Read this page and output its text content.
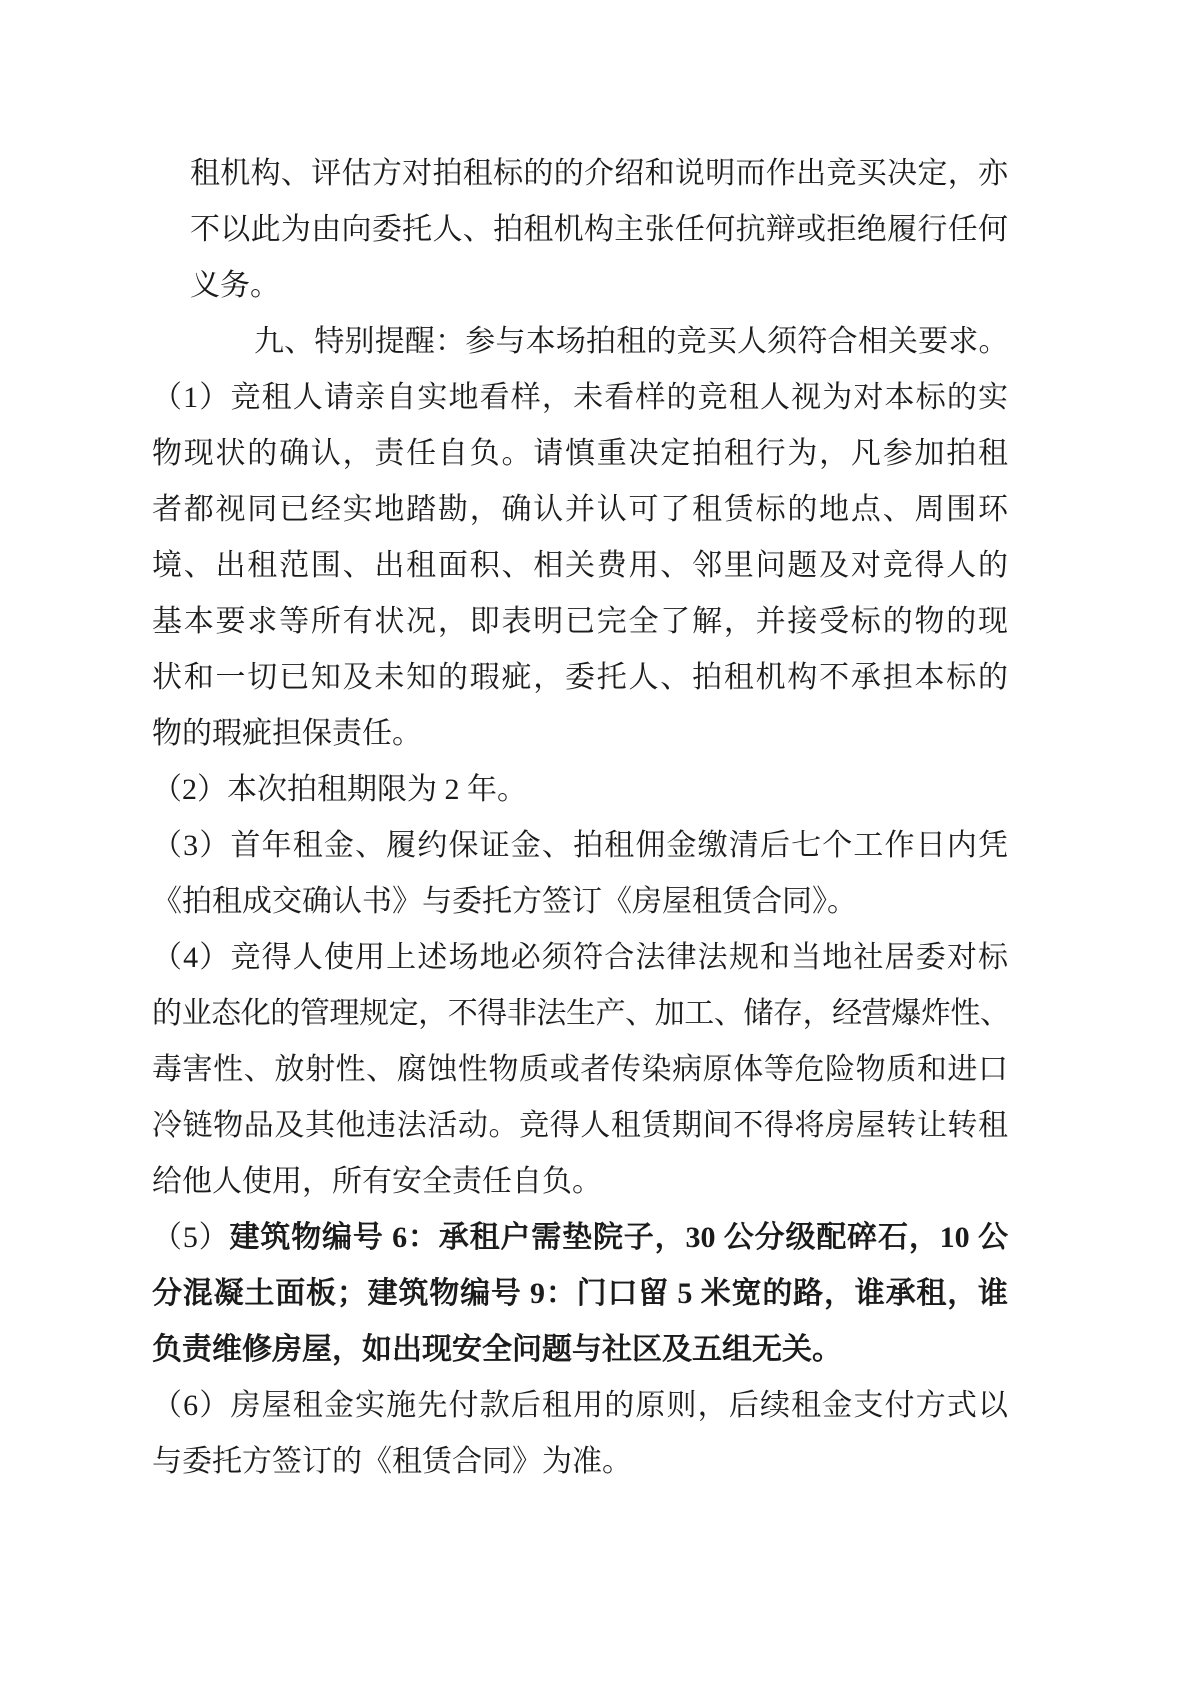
租机构、评估方对拍租标的的介绍和说明而作出竞买决定，亦
不以此为由向委托人、拍租机构主张任何抗辩或拒绝履行任何
义务。
九、特别提醒：参与本场拍租的竞买人须符合相关要求。
（1）竞租人请亲自实地看样，未看样的竞租人视为对本标的实
物现状的确认，责任自负。请慎重决定拍租行为，凡参加拍租
者都视同已经实地踏勘，确认并认可了租赁标的地点、周围环
境、出租范围、出租面积、相关费用、邻里问题及对竞得人的
基本要求等所有状况，即表明已完全了解，并接受标的物的现
状和一切已知及未知的瑕疵，委托人、拍租机构不承担本标的
物的瑕疵担保责任。
（2）本次拍租期限为 2 年。
（3）首年租金、履约保证金、拍租佣金缴清后七个工作日内凭
《拍租成交确认书》与委托方签订《房屋租赁合同》。
（4）竞得人使用上述场地必须符合法律法规和当地社居委对标
的业态化的管理规定，不得非法生产、加工、储存，经营爆炸性、
毒害性、放射性、腐蚀性物质或者传染病原体等危险物质和进口
冷链物品及其他违法活动。竞得人租赁期间不得将房屋转让转租
给他人使用，所有安全责任自负。
（5）建筑物编号 6：承租户需垫院子，30 公分级配碎石，10 公
分混凝土面板；建筑物编号 9：门口留 5 米宽的路，谁承租，谁
负责维修房屋，如出现安全问题与社区及五组无关。
（6）房屋租金实施先付款后租用的原则，后续租金支付方式以
与委托方签订的《租赁合同》为准。
